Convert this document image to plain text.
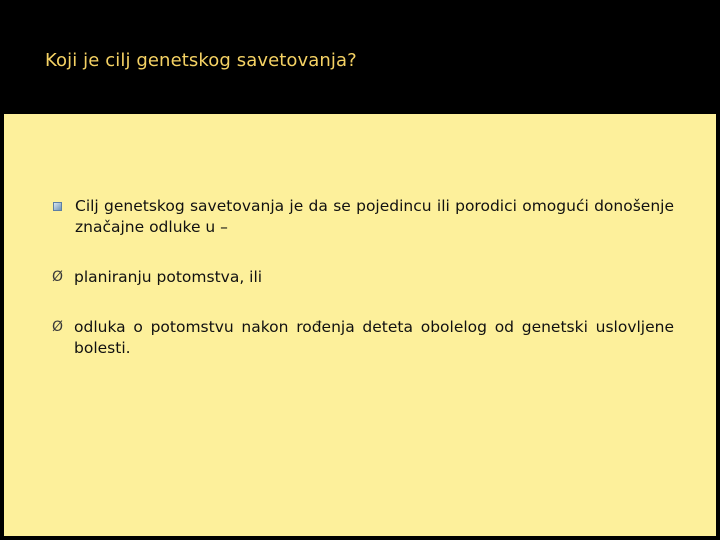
Koji je cilj genetskog savetovanja?
Cilj genetskog savetovanja je da se pojedincu ili porodici omogući donošenje značajne odluke u –
Ø planiranju potomstva, ili
Ø odluka o potomstvu nakon rođenja deteta obolelog od genetski uslovljene bolesti.
